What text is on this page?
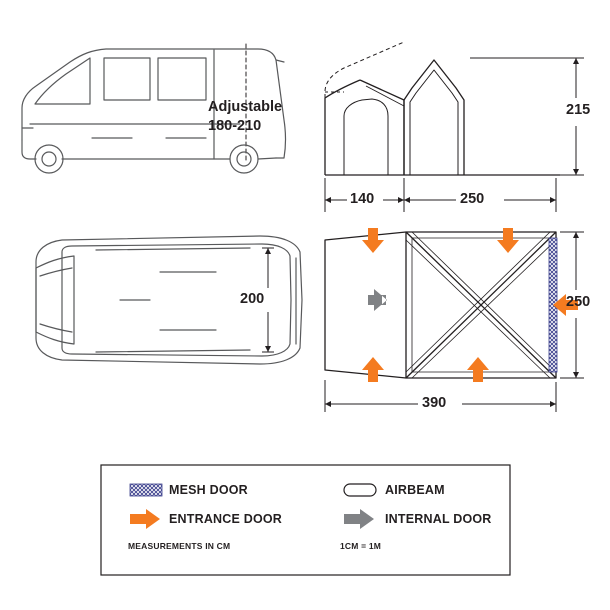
Adjustable
180-210
200
215
140	250
250
390
MESH DOOR	AIRBEAM
ENTRANCE DOOR	INTERNAL DOOR
MEASUREMENTS IN CM	1CM = 1M
